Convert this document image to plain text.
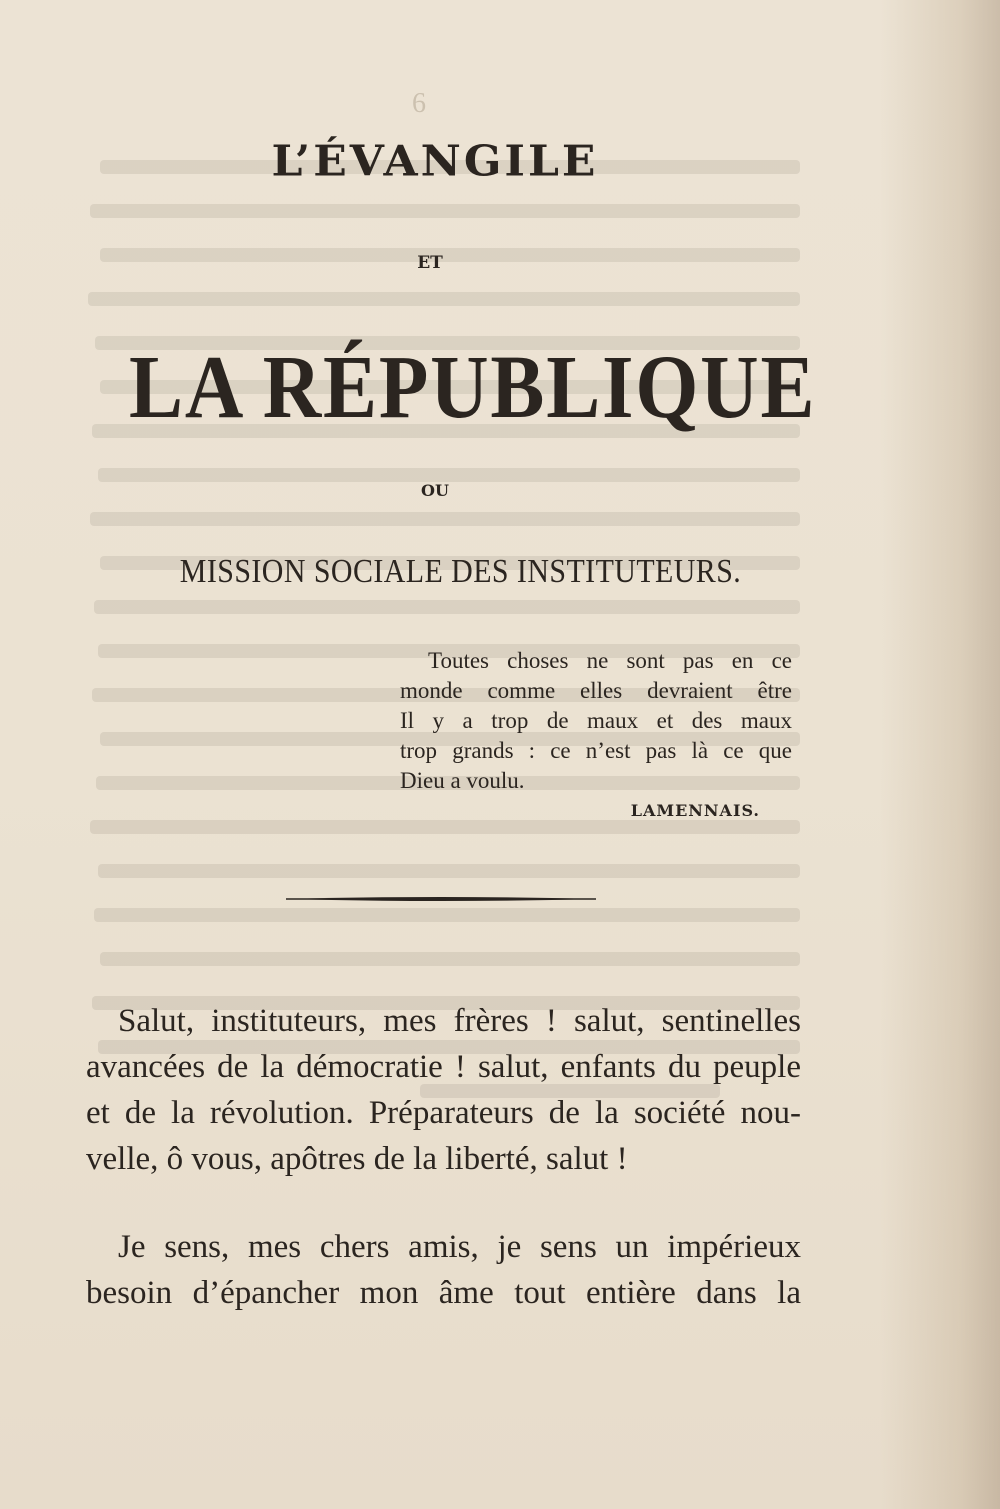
6
L’ÉVANGILE
ET
LA RÉPUBLIQUE
OU
MISSION SOCIALE DES INSTITUTEURS.
Toutes choses ne sont pas en ce
monde comme elles devraient être
Il y a trop de maux et des maux
trop grands : ce n’est pas là ce que
Dieu a voulu.
LAMENNAIS.
Salut, instituteurs, mes frères ! salut, sentinelles
avancées de la démocratie ! salut, enfants du peuple
et de la révolution. Préparateurs de la société nou-
velle, ô vous, apôtres de la liberté, salut !
Je sens, mes chers amis, je sens un impérieux
besoin d’épancher mon âme tout entière dans la
